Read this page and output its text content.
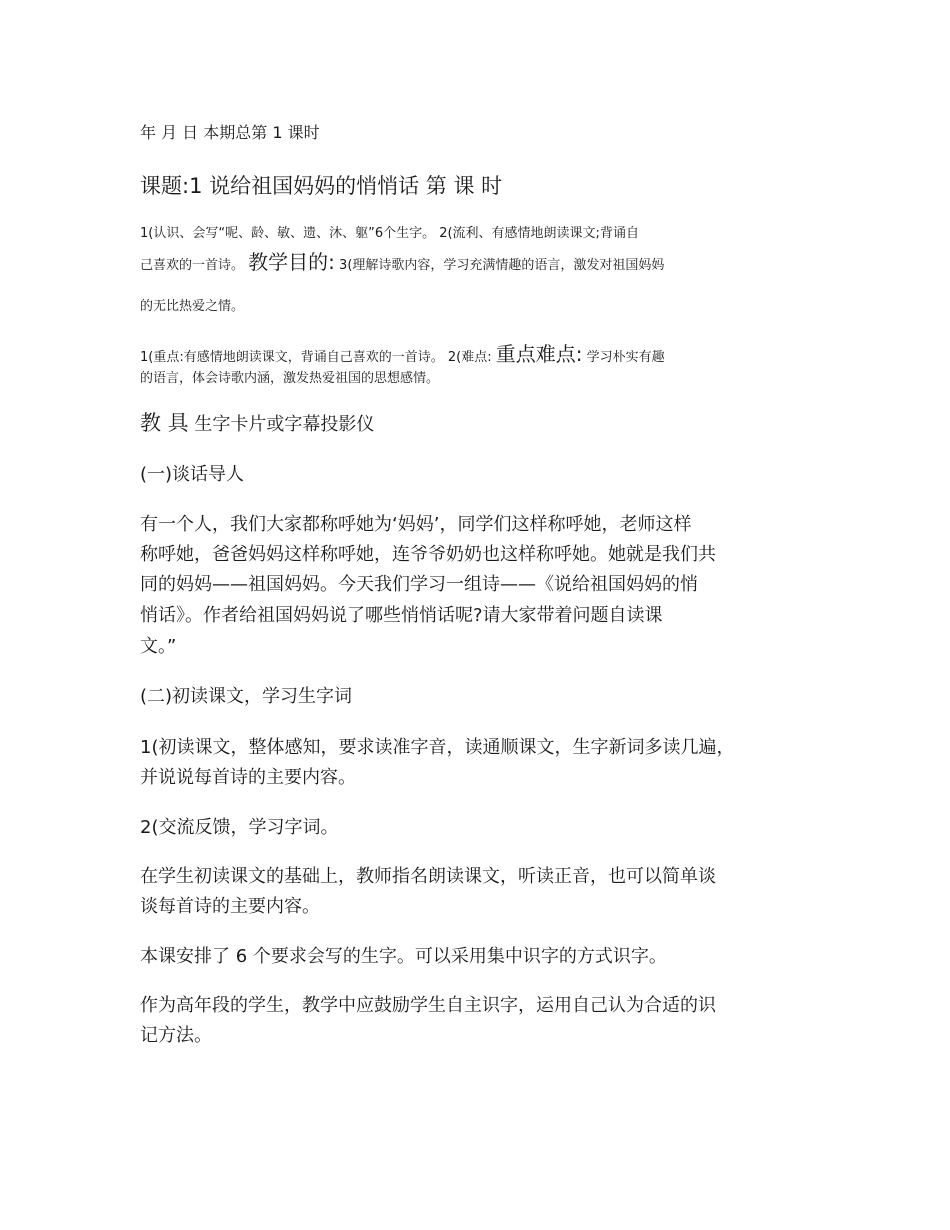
年 月 日 本期总第 1 课时

课题:1 说给祖国妈妈的悄悄话 第 课 时

1(认识、会写“呢、龄、敏、遗、沐、躯”6个生字。 2(流利、有感情地朗读课文;背诵自

己喜欢的一首诗。 教学目的: 3(理解诗歌内容，学习充满情趣的语言，激发对祖国妈妈

的无比热爱之情。

1(重点:有感情地朗读课文，背诵自己喜欢的一首诗。 2(难点: 重点难点: 学习朴实有趣

的语言，体会诗歌内涵，激发热爱祖国的思想感情。

教 具 生字卡片或字幕投影仪

(一)谈话导人

有一个人，我们大家都称呼她为‘妈妈’，同学们这样称呼她，老师这样

称呼她，爸爸妈妈这样称呼她，连爷爷奶奶也这样称呼她。她就是我们共

同的妈妈——祖国妈妈。今天我们学习一组诗——《说给祖国妈妈的悄

悄话》。作者给祖国妈妈说了哪些悄悄话呢?请大家带着问题自读课

文。”

(二)初读课文，学习生字词

1(初读课文，整体感知，要求读准字音，读通顺课文，生字新词多读几遍，

并说说每首诗的主要内容。

2(交流反馈，学习字词。

在学生初读课文的基础上，教师指名朗读课文，听读正音，也可以简单谈

谈每首诗的主要内容。

本课安排了 6 个要求会写的生字。可以采用集中识字的方式识字。

作为高年段的学生，教学中应鼓励学生自主识字，运用自己认为合适的识

记方法。
